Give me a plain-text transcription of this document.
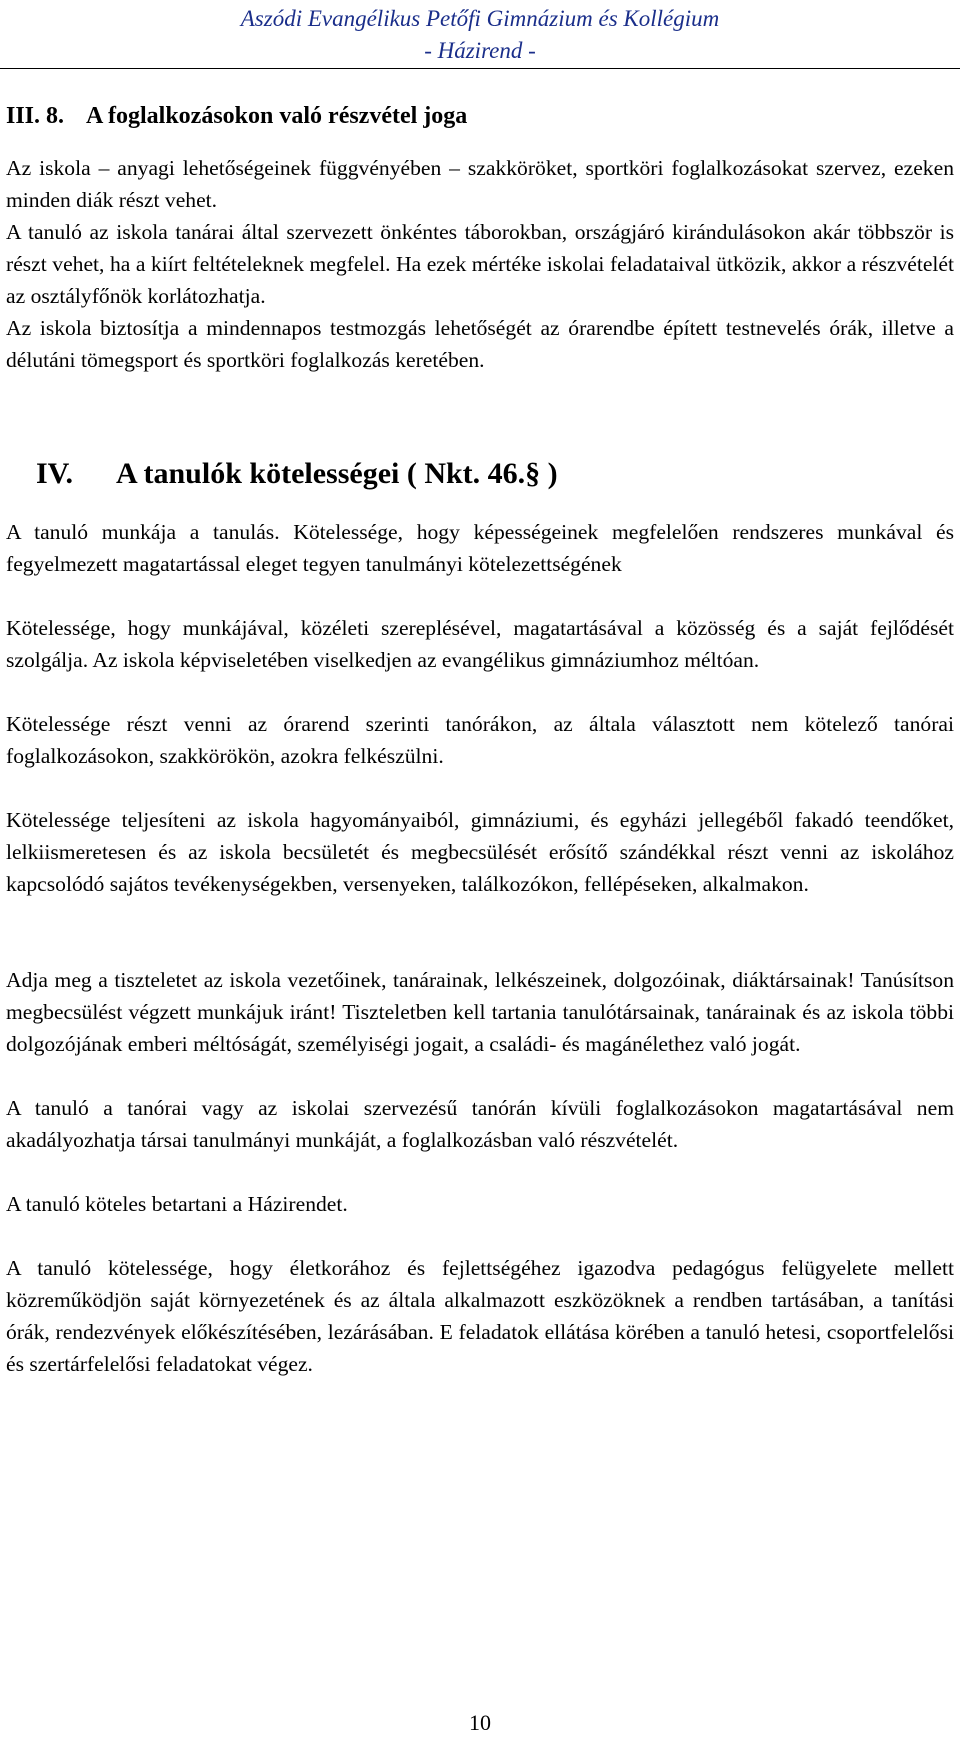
Aszódi Evangélikus Petőfi Gimnázium és Kollégium
- Házirend -
III. 8. A foglalkozásokon való részvétel joga

Az iskola – anyagi lehetőségeinek függvényében – szakköröket, sportköri foglalkozásokat szervez, ezeken minden diák részt vehet.

A tanuló az iskola tanárai által szervezett önkéntes táborokban, országjáró kirándulásokon akár többször is részt vehet, ha a kiírt feltételeknek megfelel. Ha ezek mértéke iskolai feladataival ütközik, akkor a részvételét az osztályfőnök korlátozhatja.

Az iskola biztosítja a mindennapos testmozgás lehetőségét az órarendbe épített testnevelés órák, illetve a délutáni tömegsport és sportköri foglalkozás keretében.

IV. A tanulók kötelességei ( Nkt. 46.§ )

A tanuló munkája a tanulás. Kötelessége, hogy képességeinek megfelelően rendszeres munkával és fegyelmezett magatartással eleget tegyen tanulmányi kötelezettségének

Kötelessége, hogy munkájával, közéleti szereplésével, magatartásával a közösség és a saját fejlődését szolgálja. Az iskola képviseletében viselkedjen az evangélikus gimnáziumhoz méltóan.

Kötelessége részt venni az órarend szerinti tanórákon, az általa választott nem kötelező tanórai foglalkozásokon, szakkörökön, azokra felkészülni.

Kötelessége teljesíteni az iskola hagyományaiból, gimnáziumi, és egyházi jellegéből fakadó teendőket, lelkiismeretesen és az iskola becsületét és megbecsülését erősítő szándékkal részt venni az iskolához kapcsolódó sajátos tevékenységekben, versenyeken, találkozókon, fellépéseken, alkalmakon.

Adja meg a tiszteletet az iskola vezetőinek, tanárainak, lelkészeinek, dolgozóinak, diáktársainak! Tanúsítson megbecsülést végzett munkájuk iránt! Tiszteletben kell tartania tanulótársainak, tanárainak és az iskola többi dolgozójának emberi méltóságát, személyiségi jogait, a családi- és magánélethez való jogát.

A tanuló a tanórai vagy az iskolai szervezésű tanórán kívüli foglalkozásokon magatartásával nem akadályozhatja társai tanulmányi munkáját, a foglalkozásban való részvételét.

A tanuló köteles betartani a Házirendet.

A tanuló kötelessége, hogy életkorához és fejlettségéhez igazodva pedagógus felügyelete mellett közreműködjön saját környezetének és az általa alkalmazott eszközöknek a rendben tartásában, a tanítási órák, rendezvények előkészítésében, lezárásában. E feladatok ellátása körében a tanuló hetesi, csoportfelelősi és szertárfelelősi feladatokat végez.

10
